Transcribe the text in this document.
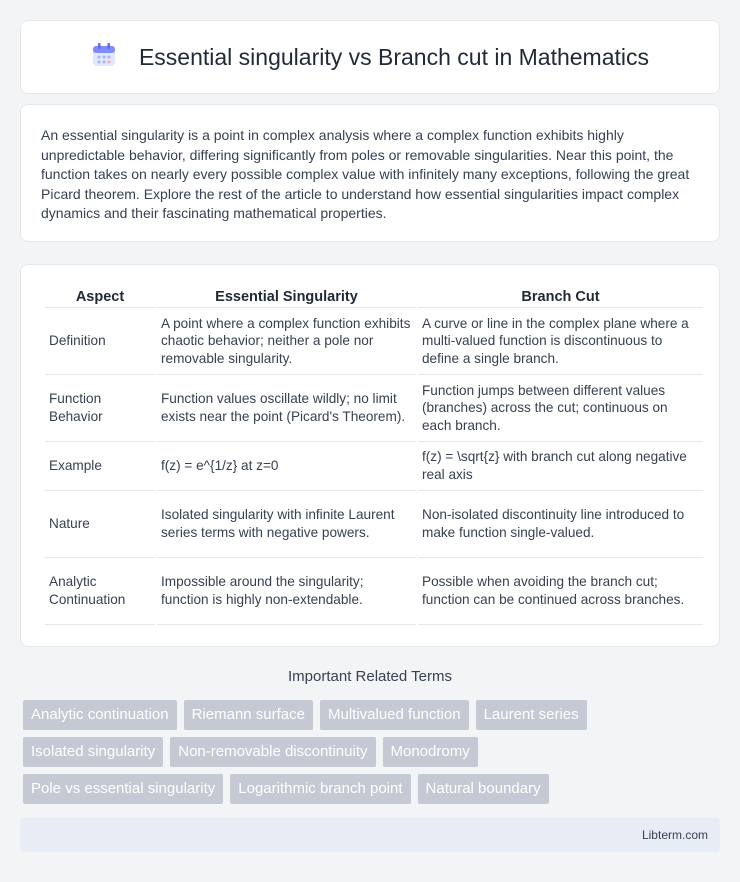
Essential singularity vs Branch cut in Mathematics

An essential singularity is a point in complex analysis where a complex function exhibits highly unpredictable behavior, differing significantly from poles or removable singularities. Near this point, the function takes on nearly every possible complex value with infinitely many exceptions, following the great Picard theorem. Explore the rest of the article to understand how essential singularities impact complex dynamics and their fascinating mathematical properties.

Aspect	Essential Singularity	Branch Cut
Definition	A point where a complex function exhibits chaotic behavior; neither a pole nor removable singularity.	A curve or line in the complex plane where a multi-valued function is discontinuous to define a single branch.
Function Behavior	Function values oscillate wildly; no limit exists near the point (Picard's Theorem).	Function jumps between different values (branches) across the cut; continuous on each branch.
Example	f(z) = e^{1/z} at z=0	f(z) = \sqrt{z} with branch cut along negative real axis
Nature	Isolated singularity with infinite Laurent series terms with negative powers.	Non-isolated discontinuity line introduced to make function single-valued.
Analytic Continuation	Impossible around the singularity; function is highly non-extendable.	Possible when avoiding the branch cut; function can be continued across branches.
Important Related Terms
Analytic continuation	Riemann surface	Multivalued function	Laurent series
Isolated singularity	Non-removable discontinuity	Monodromy
Pole vs essential singularity	Logarithmic branch point	Natural boundary
Libterm.com
